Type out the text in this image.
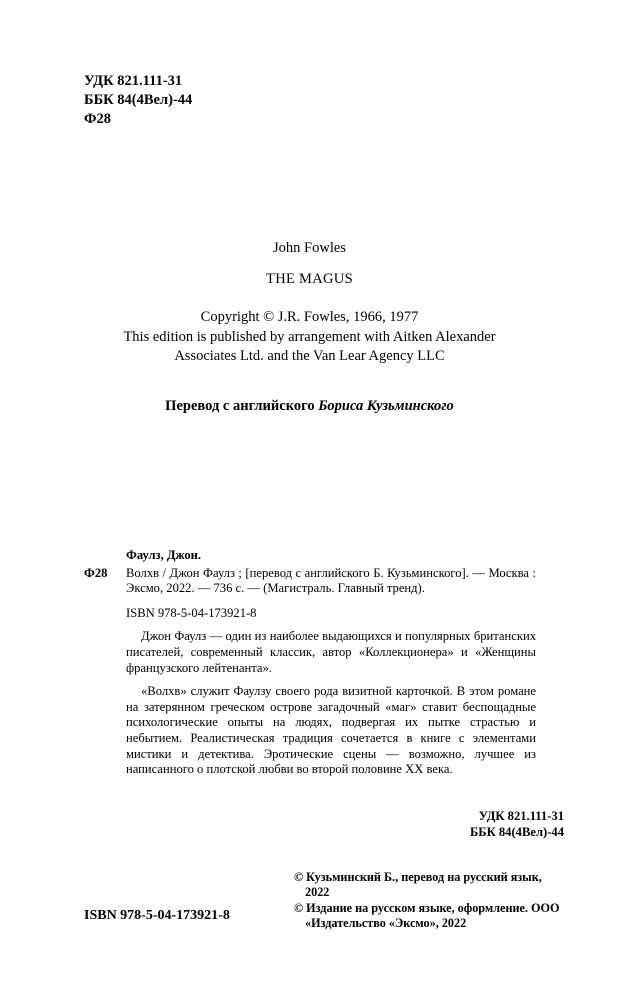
УДК 821.111-31
ББК 84(4Вел)-44
Ф28
John Fowles
THE MAGUS
Copyright © J.R. Fowles, 1966, 1977
This edition is published by arrangement with Aitken Alexander
Associates Ltd. and the Van Lear Agency LLC
Перевод с английского Бориса Кузьминского
Фаулз, Джон.
Ф28 Волхв / Джон Фаулз ; [перевод с английского Б. Кузьминского]. — Москва : Эксмо, 2022. — 736 с. — (Магистраль. Главный тренд).
ISBN 978-5-04-173921-8
Джон Фаулз — один из наиболее выдающихся и популярных британских писателей, современный классик, автор «Коллекционера» и «Женщины французского лейтенанта».
«Волхв» служит Фаулзу своего рода визитной карточкой. В этом романе на затерянном греческом острове загадочный «маг» ставит беспощадные психологические опыты на людях, подвергая их пытке страстью и небытием. Реалистическая традиция сочетается в книге с элементами мистики и детектива. Эротические сцены — возможно, лучшее из написанного о плотской любви во второй половине XX века.
УДК 821.111-31
ББК 84(4Вел)-44
© Кузьминский Б., перевод на русский язык, 2022
© Издание на русском языке, оформление. ООО «Издательство «Эксмо», 2022
ISBN 978-5-04-173921-8
